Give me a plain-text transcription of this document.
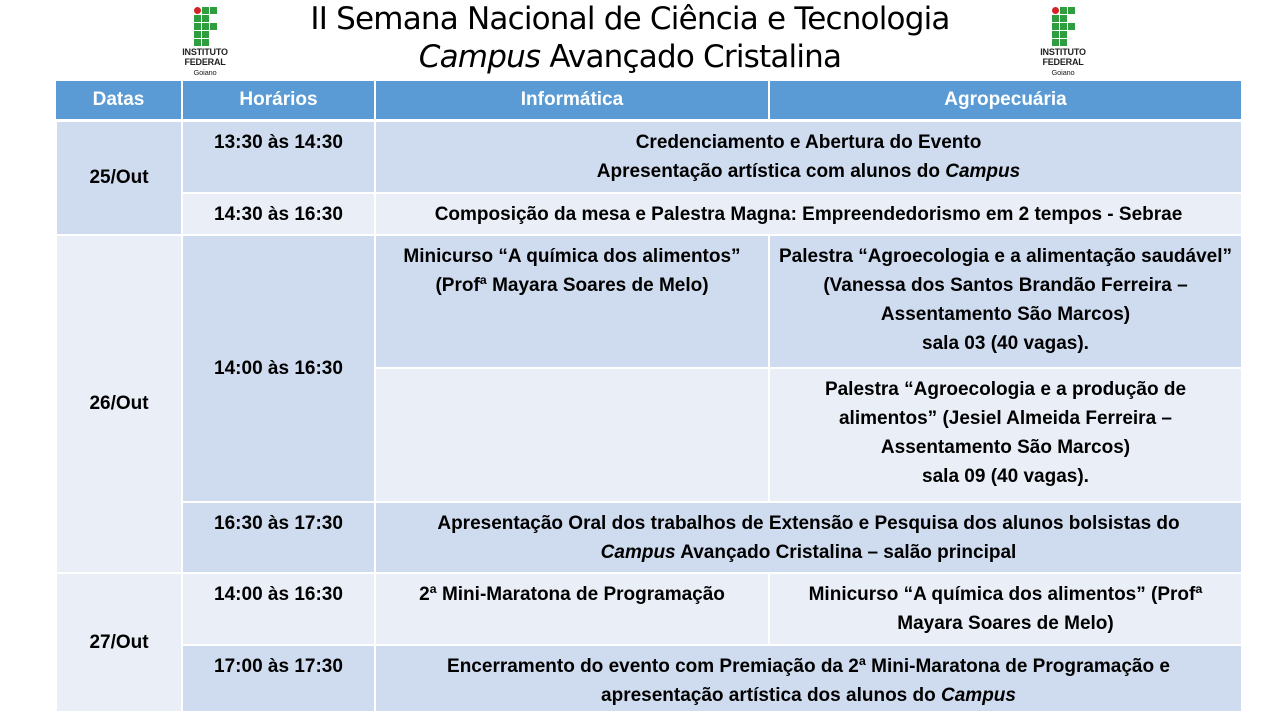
II Semana Nacional de Ciência e Tecnologia
Campus Avançado Cristalina
INSTITUTO
FEDERAL
Goiano
INSTITUTO
FEDERAL
Goiano
Datas	Horários	Informática	Agropecuária
25/Out	13:30 às 14:30	Credenciamento e Abertura do Evento
Apresentação artística com alunos do Campus	

	14:30 às 16:30	Composição da mesa e Palestra Magna: Empreendedorismo em 2 tempos - Sebrae	
26/Out	14:00 às 16:30	Minicurso “A química dos alimentos” (Profª Mayara Soares de Melo)	Palestra “Agroecologia e a alimentação saudável” (Vanessa dos Santos Brandão Ferreira – Assentamento São Marcos)
sala 03 (40 vagas).

			Palestra “Agroecologia e a produção de alimentos” (Jesiel Almeida Ferreira – Assentamento São Marcos)
sala 09 (40 vagas).

	16:30 às 17:30	Apresentação Oral dos trabalhos de Extensão e Pesquisa dos alunos bolsistas do
Campus Avançado Cristalina – salão principal	

27/Out	14:00 às 16:30	2ª Mini-Maratona de Programação	Minicurso “A química dos alimentos” (Profª Mayara Soares de Melo)
	17:00 às 17:30	Encerramento do evento com Premiação da 2ª Mini-Maratona de Programação e
apresentação artística dos alunos do Campus	
